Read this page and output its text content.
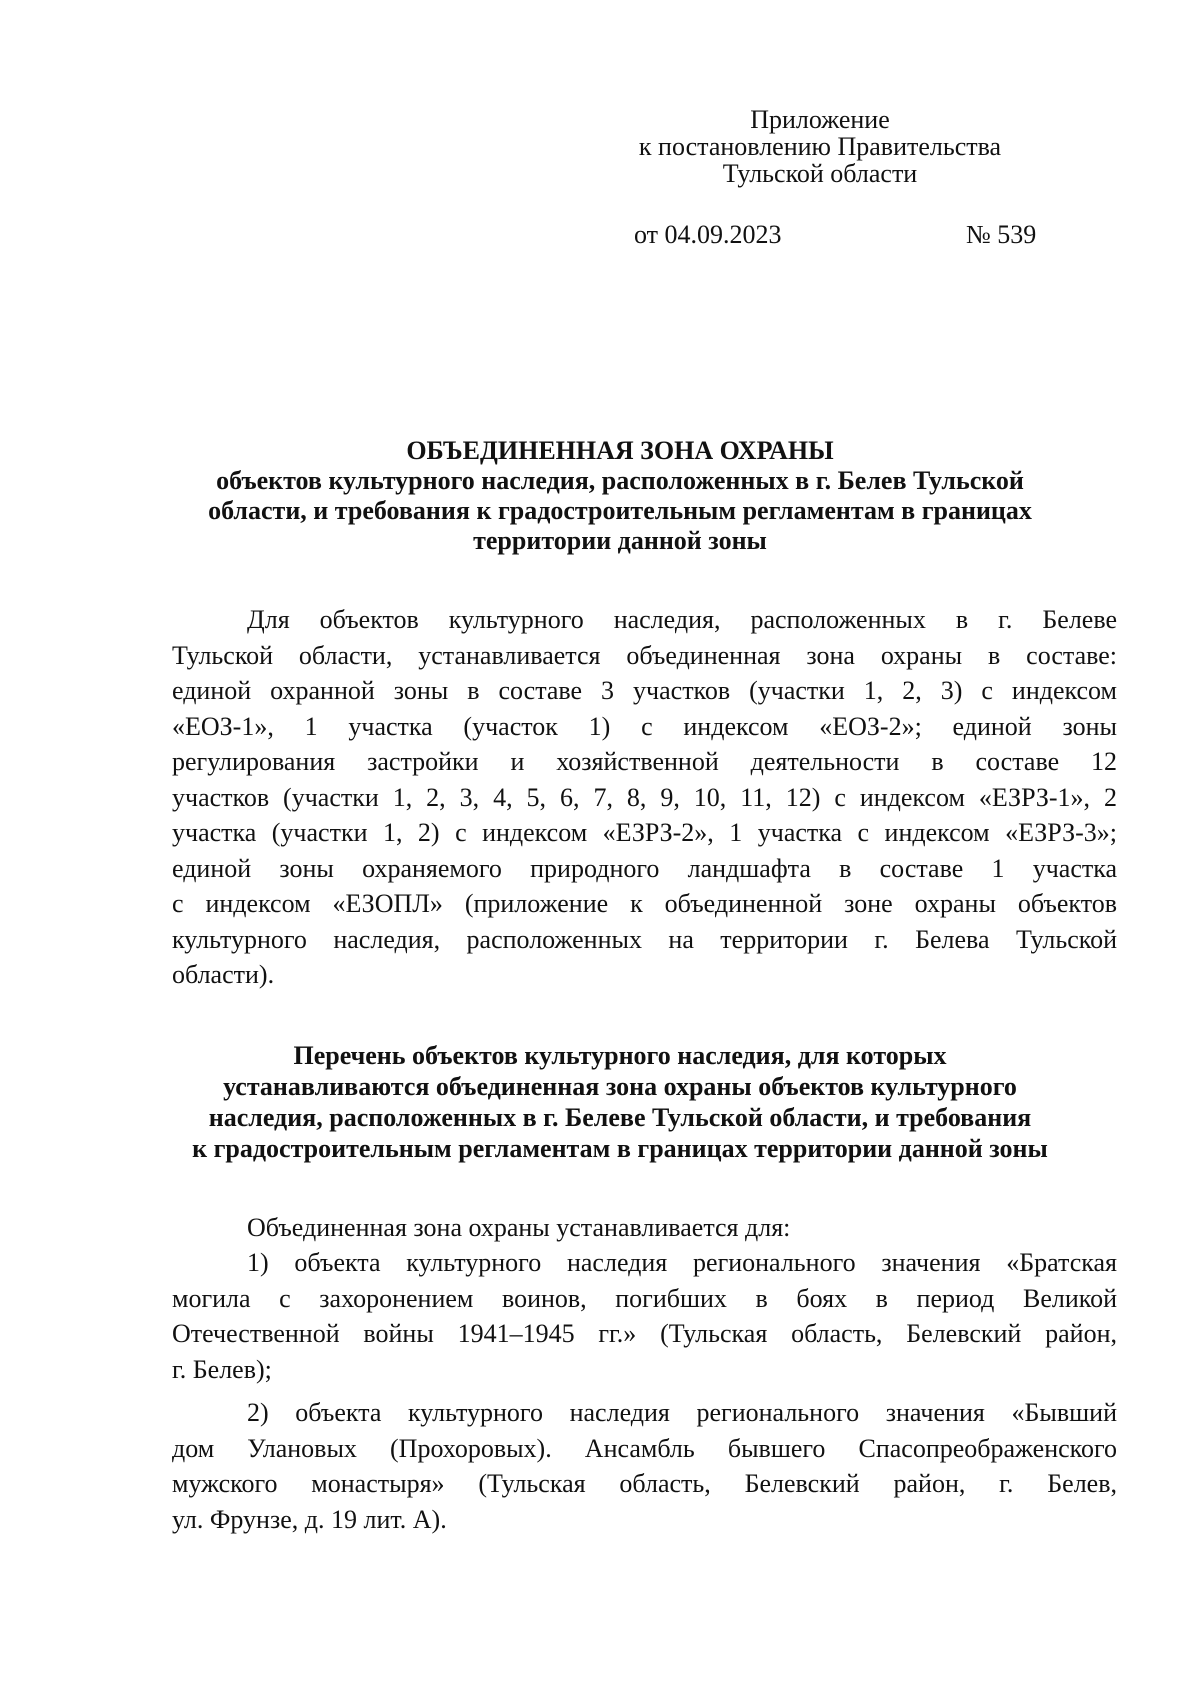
Приложение
к постановлению Правительства
Тульской области
от 04.09.2023	№ 539
ОБЪЕДИНЕННАЯ ЗОНА ОХРАНЫ
объектов культурного наследия, расположенных в г. Белев Тульской
области, и требования к градостроительным регламентам в границах
территории данной зоны
Для объектов культурного наследия, расположенных в г. Белеве
Тульской области, устанавливается объединенная зона охраны в составе:
единой охранной зоны в составе 3 участков (участки 1, 2, 3) с индексом
«ЕОЗ-1», 1 участка (участок 1) с индексом «ЕОЗ-2»; единой зоны
регулирования застройки и хозяйственной деятельности в составе 12
участков (участки 1, 2, 3, 4, 5, 6, 7, 8, 9, 10, 11, 12) с индексом «ЕЗРЗ-1», 2
участка (участки 1, 2) с индексом «ЕЗРЗ-2», 1 участка с индексом «ЕЗРЗ-3»;
единой зоны охраняемого природного ландшафта в составе 1 участка
с индексом «ЕЗОПЛ» (приложение к объединенной зоне охраны объектов
культурного наследия, расположенных на территории г. Белева Тульской
области).
Перечень объектов культурного наследия, для которых
устанавливаются объединенная зона охраны объектов культурного
наследия, расположенных в г. Белеве Тульской области, и требования
к градостроительным регламентам в границах территории данной зоны
Объединенная зона охраны устанавливается для:
1) объекта культурного наследия регионального значения «Братская
могила с захоронением воинов, погибших в боях в период Великой
Отечественной войны 1941–1945 гг.» (Тульская область, Белевский район,
г. Белев);
2) объекта культурного наследия регионального значения «Бывший
дом Улановых (Прохоровых). Ансамбль бывшего Спасопреображенского
мужского монастыря» (Тульская область, Белевский район, г. Белев,
ул. Фрунзе, д. 19 лит. А).
